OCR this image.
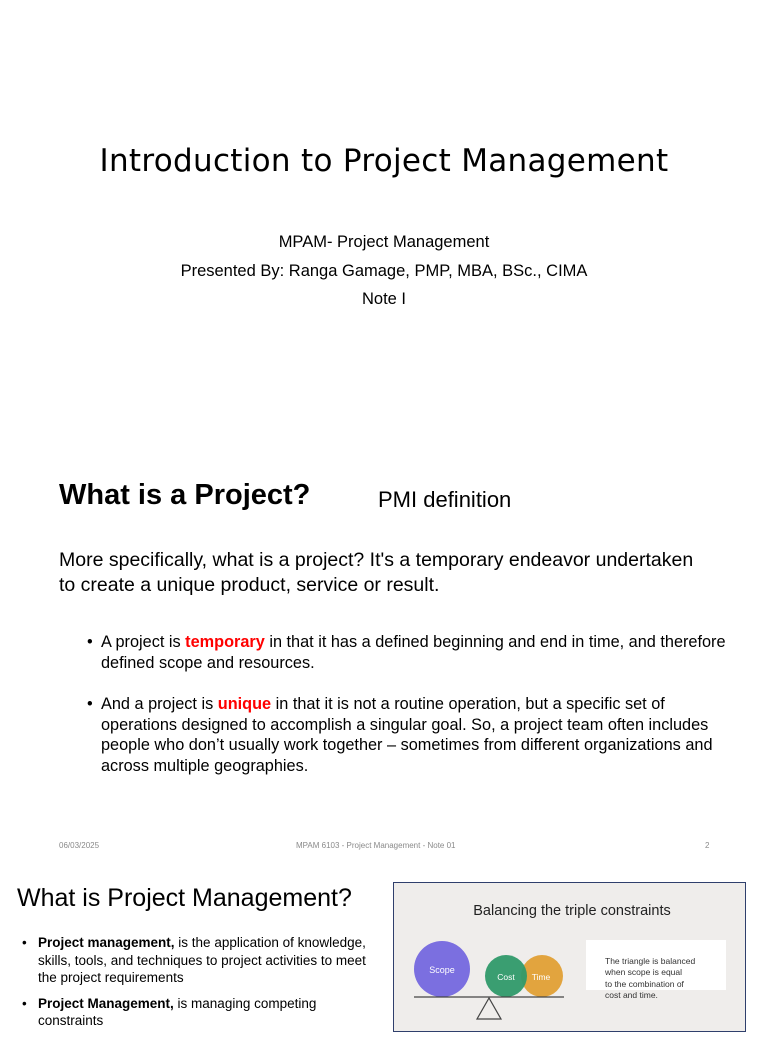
Introduction to Project Management
MPAM- Project Management
Presented By: Ranga Gamage, PMP, MBA, BSc., CIMA
Note I
What is a Project?	PMI definition
More specifically, what is a project? It's a temporary endeavor undertaken to create a unique product, service or result.
• A project is temporary in that it has a defined beginning and end in time, and therefore defined scope and resources.
• And a project is unique in that it is not a routine operation, but a specific set of operations designed to accomplish a singular goal. So, a project team often includes people who don’t usually work together – sometimes from different organizations and across multiple geographies.
06/03/2025	MPAM 6103 - Project Management - Note 01	2
What is Project Management?
• Project management, is the application of knowledge, skills, tools, and techniques to project activities to meet the project requirements
• Project Management, is managing competing constraints
Balancing the triple constraints
Scope
Cost Time
The triangle is balanced
when scope is equal
to the combination of
cost and time.
